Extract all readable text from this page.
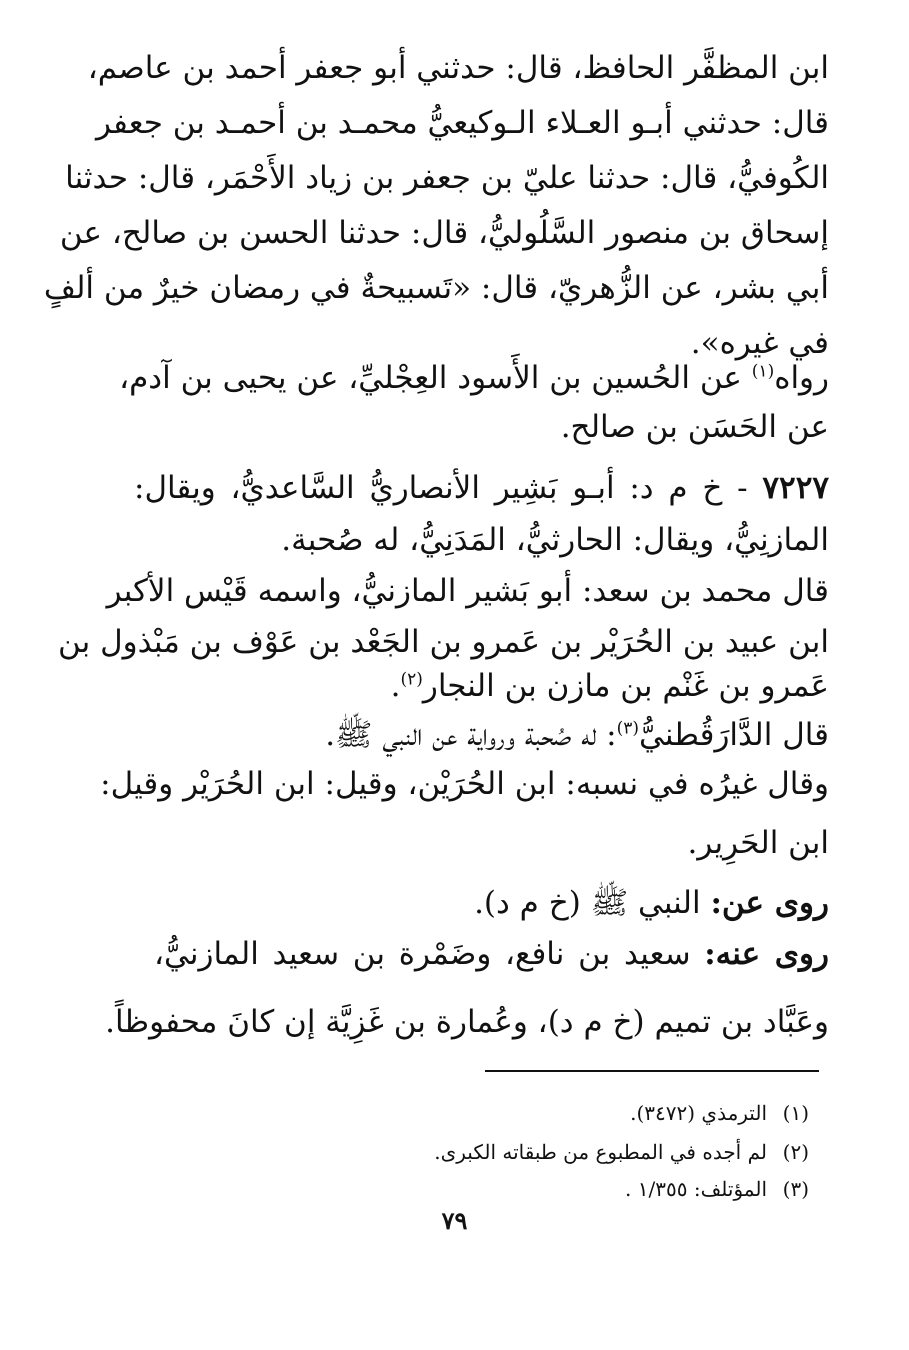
ابن المظفَّر الحافظ، قال: حدثني أبو جعفر أحمد بن عاصم،
قال: حدثني أبـو العـلاء الـوكيعيُّ محمـد بن أحمـد بن جعفر
الكُوفيُّ، قال: حدثنا عليّ بن جعفر بن زياد الأَحْمَر، قال: حدثنا
إسحاق بن منصور السَّلُوليُّ، قال: حدثنا الحسن بن صالح، عن
أبي بشر، عن الزُّهريّ، قال: «تَسبيحةٌ في رمضان خيرٌ من ألفٍ
في غيره».
رواه$^{(١)}$ عن الحُسين بن الأَسود العِجْليِّ، عن يحيى بن آدم،
عن الحَسَن بن صالح.
٧٢٢٧ - خ م د: أبـو بَشِير الأنصاريُّ السَّاعديُّ، ويقال:
المازنِيُّ، ويقال: الحارثيُّ، المَدَنِيُّ، له صُحبة.
قال محمد بن سعد: أبو بَشير المازنيُّ، واسمه قَيْس الأكبر
ابن عبيد بن الحُرَيْر بن عَمرو بن الجَعْد بن عَوْف بن مَبْذول بن
عَمرو بن غَنْم بن مازن بن النجار$^{(٢)}$.
قال الدَّارَقُطنيُّ$^{(٣)}$: له صُحبة ورواية عن النبي ﷺ.
وقال غيرُه في نسبه: ابن الحُرَيْن، وقيل: ابن الحُرَيْر وقيل:
ابن الحَرِير.
روى عن: النبي ﷺ (خ م د).
روى عنه: سعيد بن نافع، وضَمْرة بن سعيد المازنيُّ،
وعَبَّاد بن تميم (خ م د)، وعُمارة بن غَزِيَّة إن كانَ محفوظاً.
(١)الترمذي (٣٤٧٢).
(٢)لم أجده في المطبوع من طبقاته الكبرى.
(٣)المؤتلف: ١/٣٥٥ .
٧٩
